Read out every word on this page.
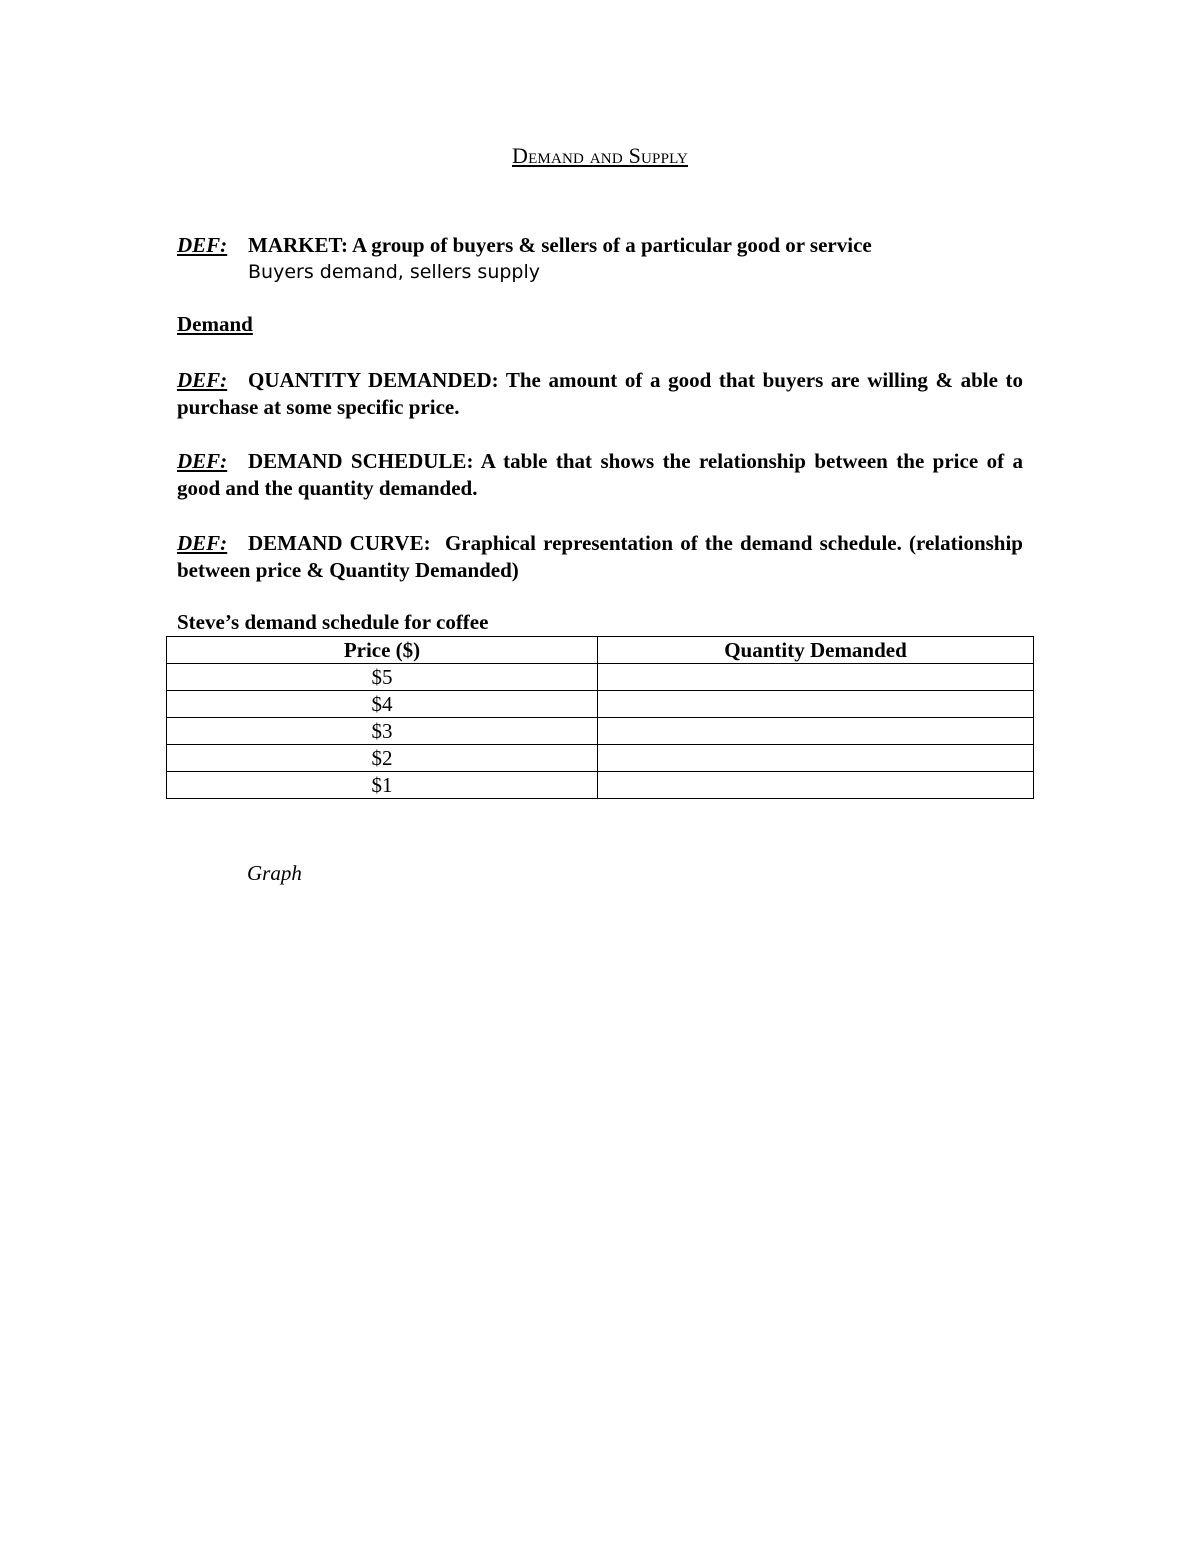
Demand and Supply
DEF: MARKET: A group of buyers & sellers of a particular good or service
Buyers demand, sellers supply
Demand
DEF: QUANTITY DEMANDED: The amount of a good that buyers are willing & able to purchase at some specific price.
DEF: DEMAND SCHEDULE: A table that shows the relationship between the price of a good and the quantity demanded.
DEF: DEMAND CURVE:  Graphical representation of the demand schedule. (relationship between price & Quantity Demanded)
Steve’s demand schedule for coffee
Price ($)	Quantity Demanded
$5	
$4	
$3	
$2	
$1	
Graph
